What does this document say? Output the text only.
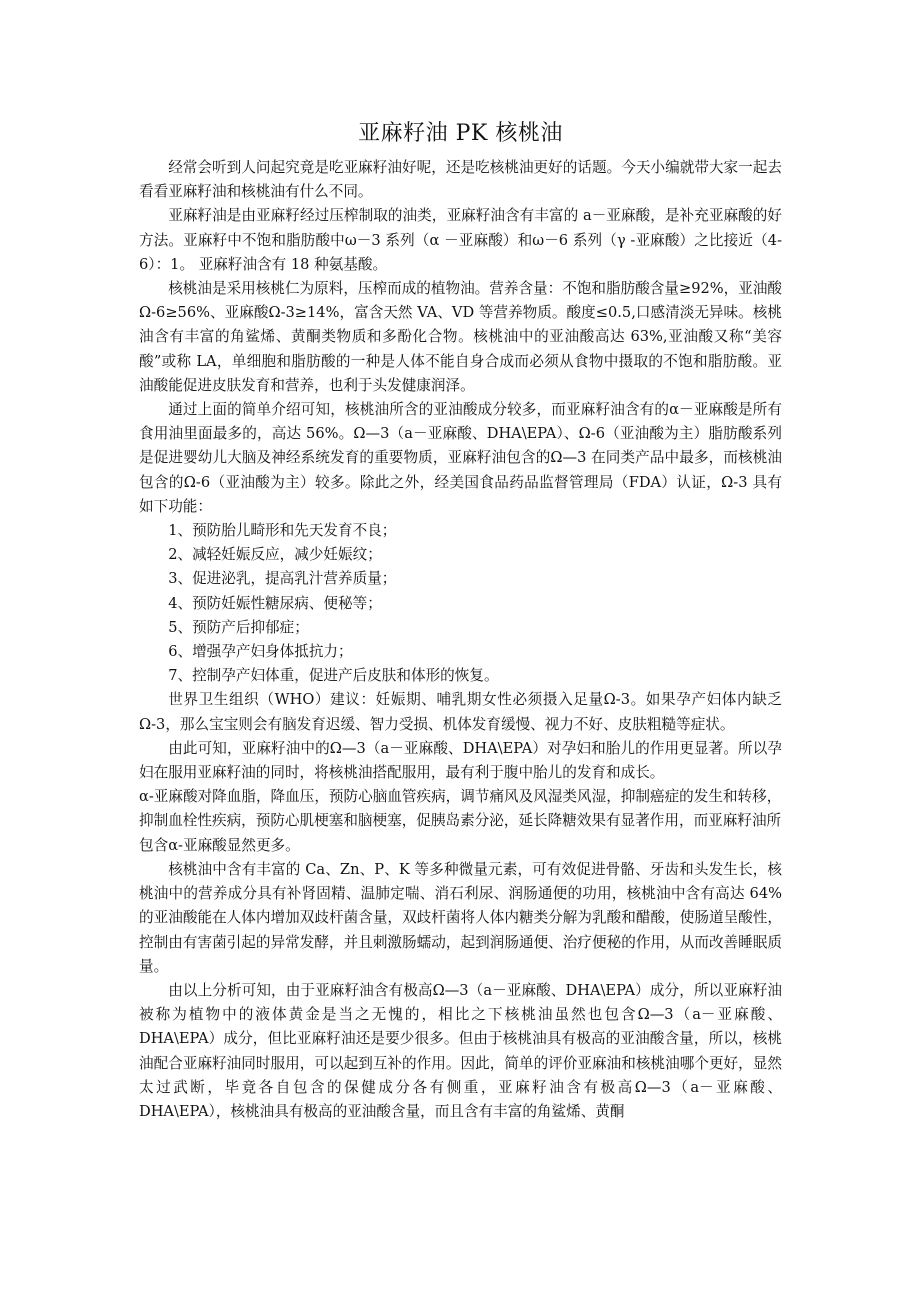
亚麻籽油 PK 核桃油

经常会听到人问起究竟是吃亚麻籽油好呢，还是吃核桃油更好的话题。今天小编就带大家一起去看看亚麻籽油和核桃油有什么不同。

亚麻籽油是由亚麻籽经过压榨制取的油类，亚麻籽油含有丰富的 a－亚麻酸，是补充亚麻酸的好方法。亚麻籽中不饱和脂肪酸中ω－3 系列（α －亚麻酸）和ω－6 系列（γ -亚麻酸）之比接近（4-6）：1。 亚麻籽油含有 18 种氨基酸。

核桃油是采用核桃仁为原料，压榨而成的植物油。营养含量：不饱和脂肪酸含量≥92%，亚油酸Ω-6≥56%、亚麻酸Ω-3≥14%，富含天然 VA、VD 等营养物质。酸度≤0.5,口感清淡无异味。核桃油含有丰富的角鲨烯、黄酮类物质和多酚化合物。核桃油中的亚油酸高达 63%,亚油酸又称“美容酸”或称 LA，单细胞和脂肪酸的一种是人体不能自身合成而必须从食物中摄取的不饱和脂肪酸。亚油酸能促进皮肤发育和营养，也利于头发健康润泽。

通过上面的简单介绍可知，核桃油所含的亚油酸成分较多，而亚麻籽油含有的α－亚麻酸是所有食用油里面最多的，高达 56%。Ω—3（a－亚麻酸、DHA\EPA）、Ω-6（亚油酸为主）脂肪酸系列是促进婴幼儿大脑及神经系统发育的重要物质，亚麻籽油包含的Ω—3 在同类产品中最多，而核桃油包含的Ω-6（亚油酸为主）较多。除此之外，经美国食品药品监督管理局（FDA）认证，Ω-3 具有如下功能：

1、预防胎儿畸形和先天发育不良；

2、减轻妊娠反应，减少妊娠纹；

3、促进泌乳，提高乳汁营养质量；

4、预防妊娠性糖尿病、便秘等；

5、预防产后抑郁症；

6、增强孕产妇身体抵抗力；

7、控制孕产妇体重，促进产后皮肤和体形的恢复。

世界卫生组织（WHO）建议：妊娠期、哺乳期女性必须摄入足量Ω-3。如果孕产妇体内缺乏Ω-3，那么宝宝则会有脑发育迟缓、智力受损、机体发育缓慢、视力不好、皮肤粗糙等症状。

由此可知，亚麻籽油中的Ω—3（a－亚麻酸、DHA\EPA）对孕妇和胎儿的作用更显著。所以孕妇在服用亚麻籽油的同时，将核桃油搭配服用，最有利于腹中胎儿的发育和成长。

α-亚麻酸对降血脂，降血压，预防心脑血管疾病，调节痛风及风湿类风湿，抑制癌症的发生和转移，抑制血栓性疾病，预防心肌梗塞和脑梗塞，促胰岛素分泌，延长降糖效果有显著作用，而亚麻籽油所包含α-亚麻酸显然更多。

核桃油中含有丰富的 Ca、Zn、P、K 等多种微量元素，可有效促进骨骼、牙齿和头发生长，核桃油中的营养成分具有补肾固精、温肺定喘、消石利尿、润肠通便的功用，核桃油中含有高达 64%的亚油酸能在人体内增加双歧杆菌含量，双歧杆菌将人体内糖类分解为乳酸和醋酸，使肠道呈酸性，控制由有害菌引起的异常发酵，并且刺激肠蠕动，起到润肠通便、治疗便秘的作用，从而改善睡眠质量。

由以上分析可知，由于亚麻籽油含有极高Ω—3（a－亚麻酸、DHA\EPA）成分，所以亚麻籽油被称为植物中的液体黄金是当之无愧的，相比之下核桃油虽然也包含Ω—3（a－亚麻酸、DHA\EPA）成分，但比亚麻籽油还是要少很多。但由于核桃油具有极高的亚油酸含量，所以，核桃油配合亚麻籽油同时服用，可以起到互补的作用。因此，简单的评价亚麻油和核桃油哪个更好，显然太过武断，毕竟各自包含的保健成分各有侧重，亚麻籽油含有极高Ω—3（a－亚麻酸、DHA\EPA），核桃油具有极高的亚油酸含量，而且含有丰富的角鲨烯、黄酮
